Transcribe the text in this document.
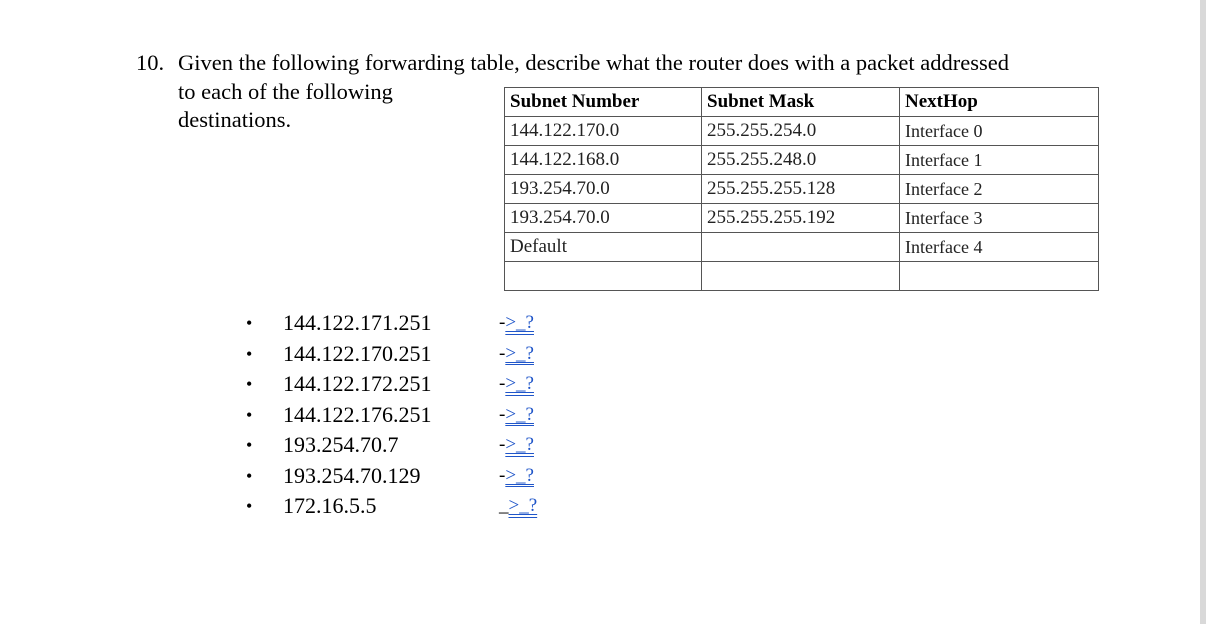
10. Given the following forwarding table, describe what the router does with a packet addressed
to each of the following
destinations.
Subnet Number	Subnet Mask	NextHop
144.122.170.0	255.255.254.0	Interface 0
144.122.168.0	255.255.248.0	Interface 1
193.254.70.0	255.255.255.128	Interface 2
193.254.70.0	255.255.255.192	Interface 3
Default		Interface 4

• 144.122.171.251	->_?
• 144.122.170.251	->_?
• 144.122.172.251	->_?
• 144.122.176.251	->_?
• 193.254.70.7	->_?
• 193.254.70.129	->_?
• 172.16.5.5	_>_?
